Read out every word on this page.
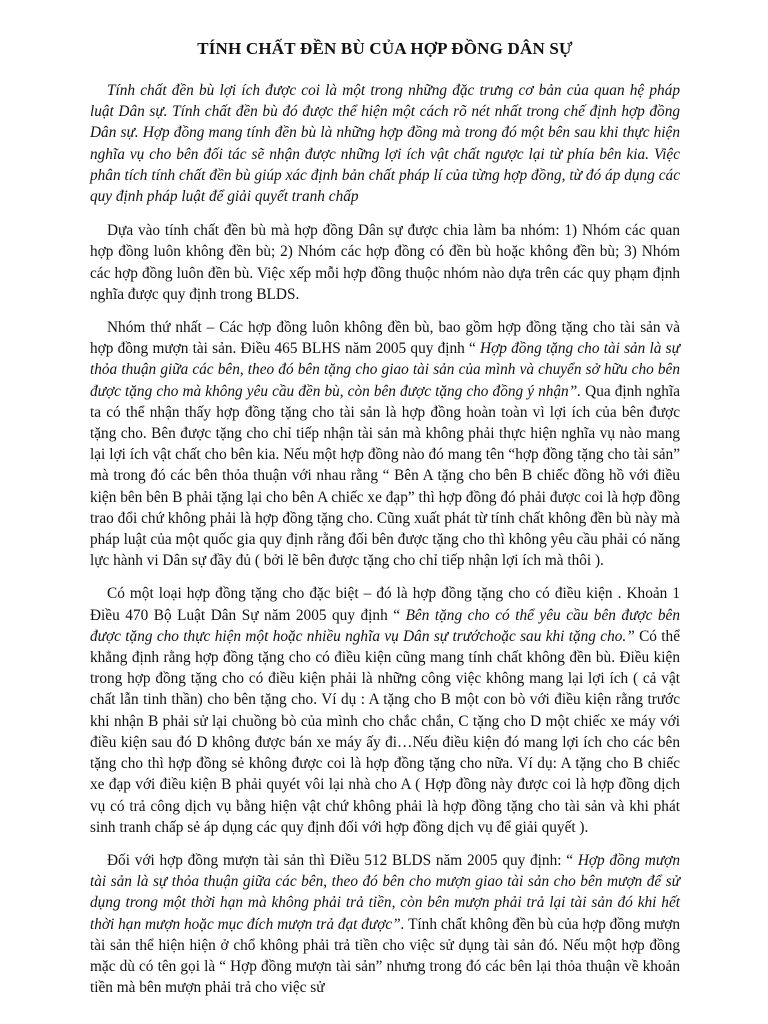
TÍNH CHẤT ĐỀN BÙ CỦA HỢP ĐỒNG DÂN SỰ

Tính chất đền bù lợi ích được coi là một trong những đặc trưng cơ bản của quan hệ pháp luật Dân sự. Tính chất đền bù đó được thể hiện một cách rõ nét nhất trong chế định hợp đồng Dân sự. Hợp đồng mang tính đền bù là những hợp đồng mà trong đó một bên sau khi thực hiện nghĩa vụ cho bên đối tác sẽ nhận được những lợi ích vật chất ngược lại từ phía bên kia. Việc phân tích tính chất đền bù giúp xác định bản chất pháp lí của từng hợp đồng, từ đó áp dụng các quy định pháp luật để giải quyết tranh chấp

Dựa vào tính chất đền bù mà hợp đồng Dân sự được chia làm ba nhóm: 1) Nhóm các quan hợp đồng luôn không đền bù; 2) Nhóm các hợp đồng có đền bù hoặc không đền bù; 3) Nhóm các hợp đồng luôn đền bù. Việc xếp mỗi hợp đồng thuộc nhóm nào dựa trên các quy phạm định nghĩa được quy định trong BLDS.

Nhóm thứ nhất – Các hợp đồng luôn không đền bù, bao gồm hợp đồng tặng cho tài sản và hợp đồng mượn tài sản. Điều 465 BLHS năm 2005 quy định “ Hợp đồng tặng cho tài sản là sự thỏa thuận giữa các bên, theo đó bên tặng cho giao tài sản của mình và chuyển sở hữu cho bên được tặng cho mà không yêu cầu đền bù, còn bên được tặng cho đồng ý nhận”. Qua định nghĩa ta có thể nhận thấy hợp đồng tặng cho tài sản là hợp đồng hoàn toàn vì lợi ích của bên được tặng cho. Bên được tặng cho chỉ tiếp nhận tài sản mà không phải thực hiện nghĩa vụ nào mang lại lợi ích vật chất cho bên kia. Nếu một hợp đồng nào đó mang tên “hợp đồng tặng cho tài sản” mà trong đó các bên thỏa thuận với nhau rằng “ Bên A tặng cho bên B chiếc đồng hồ với điều kiện bên bên B phải tặng lại cho bên A chiếc xe đạp” thì hợp đồng đó phải được coi là hợp đồng trao đổi chứ không phải là hợp đồng tặng cho. Cũng xuất phát từ tính chất không đền bù này mà pháp luật của một quốc gia quy định rằng đối bên được tặng cho thì không yêu cầu phải có năng lực hành vi Dân sự đầy đủ ( bởi lẽ bên được tặng cho chỉ tiếp nhận lợi ích mà thôi ).

Có một loại hợp đồng tặng cho đặc biệt – đó là hợp đồng tặng cho có điều kiện . Khoản 1 Điều 470 Bộ Luật Dân Sự năm 2005 quy định “ Bên tặng cho có thể yêu cầu bên được bên được tặng cho thực hiện một hoặc nhiều nghĩa vụ Dân sự trướchoặc sau khi tặng cho.” Có thể khẳng định rằng hợp đồng tặng cho có điều kiện cũng mang tính chất không đền bù. Điều kiện trong hợp đồng tặng cho có điều kiện phải là những công việc không mang lại lợi ích ( cả vật chất lẫn tinh thần) cho bên tặng cho. Ví dụ : A tặng cho B một con bò với điều kiện rằng trước khi nhận B phải sử lại chuồng bò của mình cho chắc chắn, C tặng cho D một chiếc xe máy với điều kiện sau đó D không được bán xe máy ấy đi…Nếu điều kiện đó mang lợi ích cho các bên tặng cho thì hợp đồng sẻ không được coi là hợp đồng tặng cho nữa. Ví dụ: A tặng cho B chiếc xe đạp với điều kiện B phải quyét vôi lại nhà cho A ( Hợp đồng này được coi là hợp đồng dịch vụ có trả công dịch vụ bằng hiện vật chứ không phải là hợp đồng tặng cho tài sản và khi phát sinh tranh chấp sẻ áp dụng các quy định đối với hợp đồng dịch vụ để giải quyết ).

Đối với hợp đồng mượn tài sản thì Điều 512 BLDS năm 2005 quy định: “ Hợp đồng mượn tài sản là sự thỏa thuận giữa các bên, theo đó bên cho mượn giao tài sản cho bên mượn để sử dụng trong một thời hạn mà không phải trả tiền, còn bên mượn phải trả lại tài sản đó khi hết thời hạn mượn hoặc mục đích mượn trả đạt được”. Tính chất không đền bù của hợp đồng mượn tài sản thể hiện hiện ở chổ không phải trả tiền cho việc sử dụng tài sản đó. Nếu một hợp đồng mặc dù có tên gọi là “ Hợp đồng mượn tài sản” nhưng trong đó các bên lại thỏa thuận về khoản tiền mà bên mượn phải trả cho việc sử
